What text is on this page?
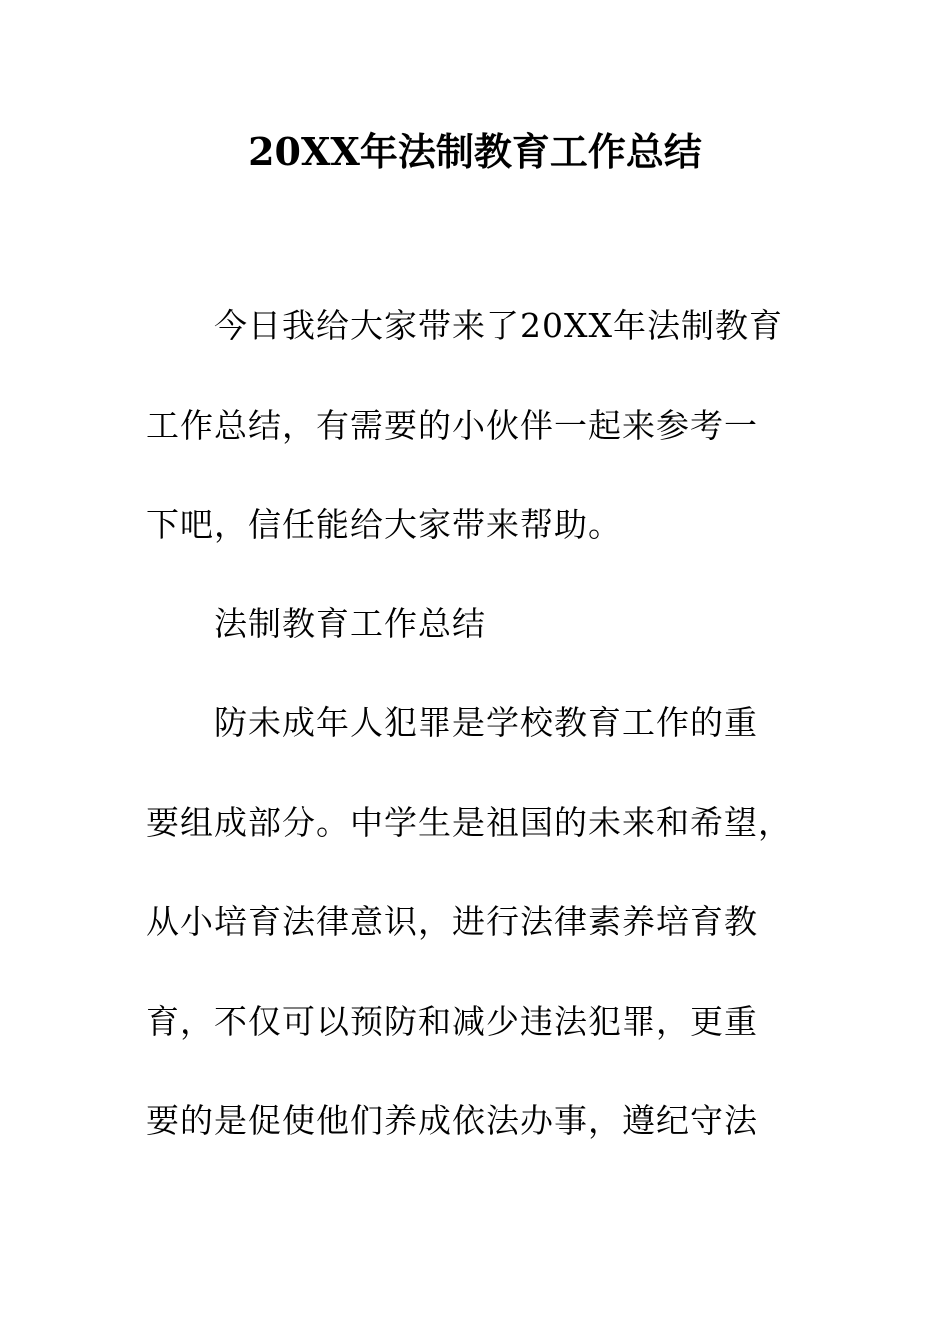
20XX年法制教育工作总结
今日我给大家带来了20XX年法制教育
工作总结，有需要的小伙伴一起来参考一
下吧，信任能给大家带来帮助。
法制教育工作总结
防未成年人犯罪是学校教育工作的重
要组成部分。中学生是祖国的未来和希望，
从小培育法律意识，进行法律素养培育教
育，不仅可以预防和减少违法犯罪，更重
要的是促使他们养成依法办事，遵纪守法
